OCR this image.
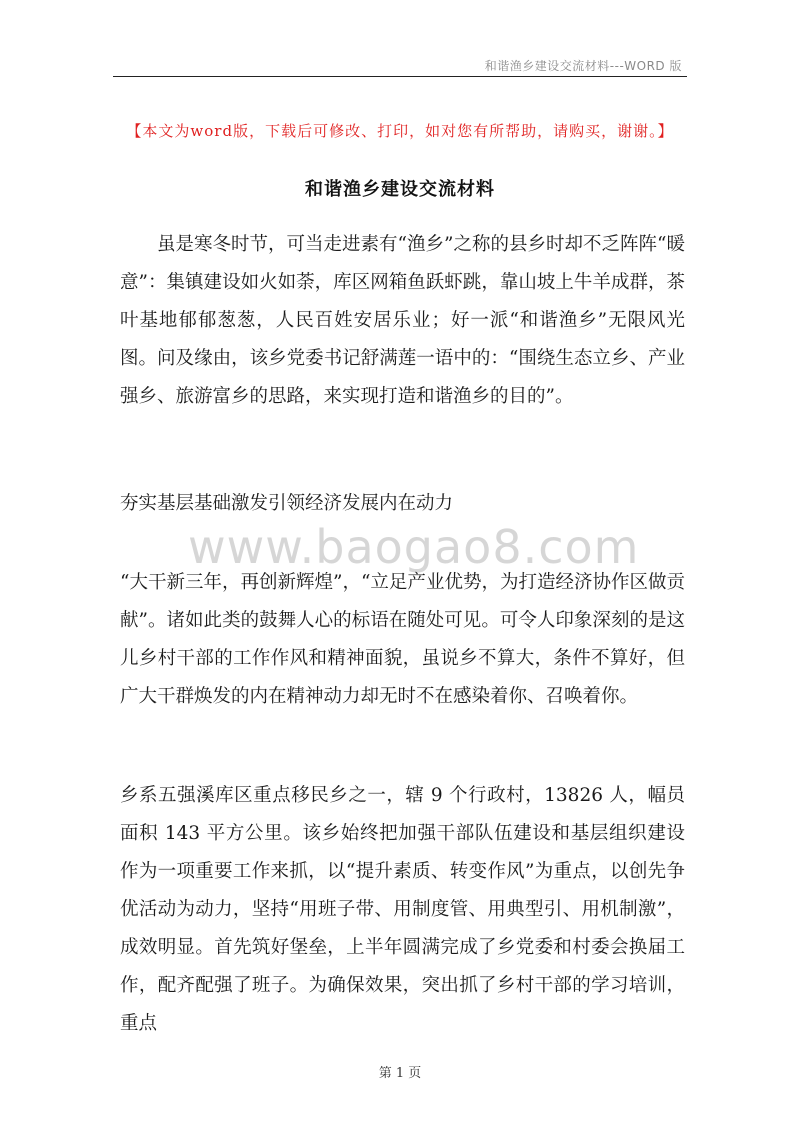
和谐渔乡建设交流材料---WORD 版
【本文为word版，下载后可修改、打印，如对您有所帮助，请购买，谢谢。】
和谐渔乡建设交流材料

虽是寒冬时节，可当走进素有“渔乡”之称的县乡时却不乏阵阵“暖意”：集镇建设如火如荼，库区网箱鱼跃虾跳，靠山坡上牛羊成群，茶叶基地郁郁葱葱，人民百姓安居乐业；好一派“和谐渔乡”无限风光图。问及缘由，该乡党委书记舒满莲一语中的：“围绕生态立乡、产业强乡、旅游富乡的思路，来实现打造和谐渔乡的目的”。

夯实基层基础激发引领经济发展内在动力

www.baogao8.com

“大干新三年，再创新辉煌”，“立足产业优势，为打造经济协作区做贡献”。诸如此类的鼓舞人心的标语在随处可见。可令人印象深刻的是这儿乡村干部的工作作风和精神面貌，虽说乡不算大，条件不算好，但广大干群焕发的内在精神动力却无时不在感染着你、召唤着你。

乡系五强溪库区重点移民乡之一，辖 9 个行政村，13826 人，幅员面积 143 平方公里。该乡始终把加强干部队伍建设和基层组织建设作为一项重要工作来抓，以“提升素质、转变作风”为重点，以创先争优活动为动力，坚持“用班子带、用制度管、用典型引、用机制激”，成效明显。首先筑好堡垒，上半年圆满完成了乡党委和村委会换届工作，配齐配强了班子。为确保效果，突出抓了乡村干部的学习培训，重点

第 1 页
